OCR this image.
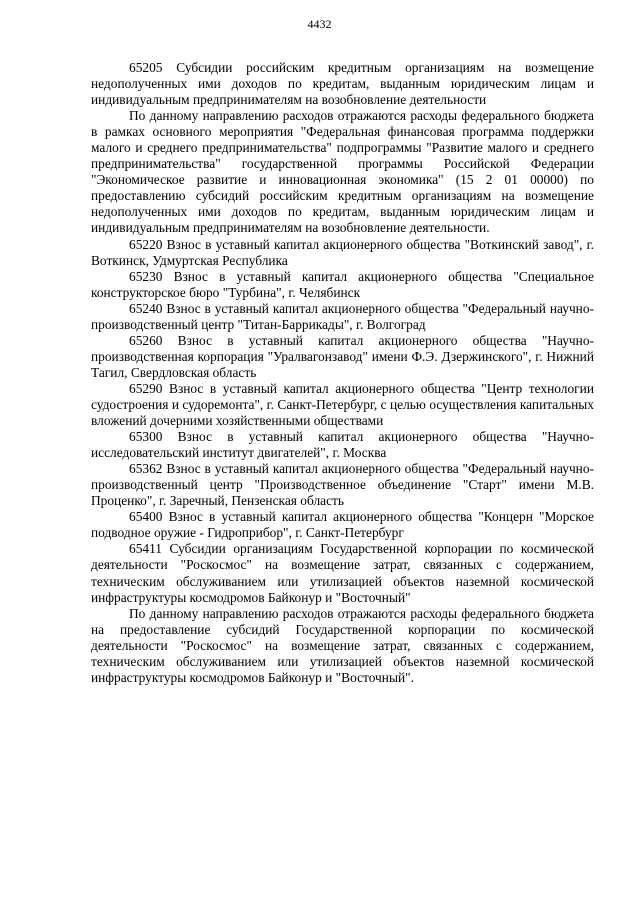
4432

65205 Субсидии российским кредитным организациям на возмещение недополученных ими доходов по кредитам, выданным юридическим лицам и индивидуальным предпринимателям на возобновление деятельности

По данному направлению расходов отражаются расходы федерального бюджета в рамках основного мероприятия "Федеральная финансовая программа поддержки малого и среднего предпринимательства" подпрограммы "Развитие малого и среднего предпринимательства" государственной программы Российской Федерации "Экономическое развитие и инновационная экономика" (15 2 01 00000) по предоставлению субсидий российским кредитным организациям на возмещение недополученных ими доходов по кредитам, выданным юридическим лицам и индивидуальным предпринимателям на возобновление деятельности.

65220 Взнос в уставный капитал акционерного общества "Воткинский завод", г. Воткинск, Удмуртская Республика

65230 Взнос в уставный капитал акционерного общества "Специальное конструкторское бюро "Турбина", г. Челябинск

65240 Взнос в уставный капитал акционерного общества "Федеральный научно-производственный центр "Титан-Баррикады", г. Волгоград

65260 Взнос в уставный капитал акционерного общества "Научно-производственная корпорация "Уралвагонзавод" имени Ф.Э. Дзержинского", г. Нижний Тагил, Свердловская область

65290 Взнос в уставный капитал акционерного общества "Центр технологии судостроения и судоремонта", г. Санкт-Петербург, с целью осуществления капитальных вложений дочерними хозяйственными обществами

65300 Взнос в уставный капитал акционерного общества "Научно-исследовательский институт двигателей", г. Москва

65362 Взнос в уставный капитал акционерного общества "Федеральный научно-производственный центр "Производственное объединение "Старт" имени М.В. Проценко", г. Заречный, Пензенская область

65400 Взнос в уставный капитал акционерного общества "Концерн "Морское подводное оружие - Гидроприбор", г. Санкт-Петербург

65411 Субсидии организациям Государственной корпорации по космической деятельности "Роскосмос" на возмещение затрат, связанных с содержанием, техническим обслуживанием или утилизацией объектов наземной космической инфраструктуры космодромов Байконур и "Восточный"

По данному направлению расходов отражаются расходы федерального бюджета на предоставление субсидий Государственной корпорации по космической деятельности "Роскосмос" на возмещение затрат, связанных с содержанием, техническим обслуживанием или утилизацией объектов наземной космической инфраструктуры космодромов Байконур и "Восточный".
